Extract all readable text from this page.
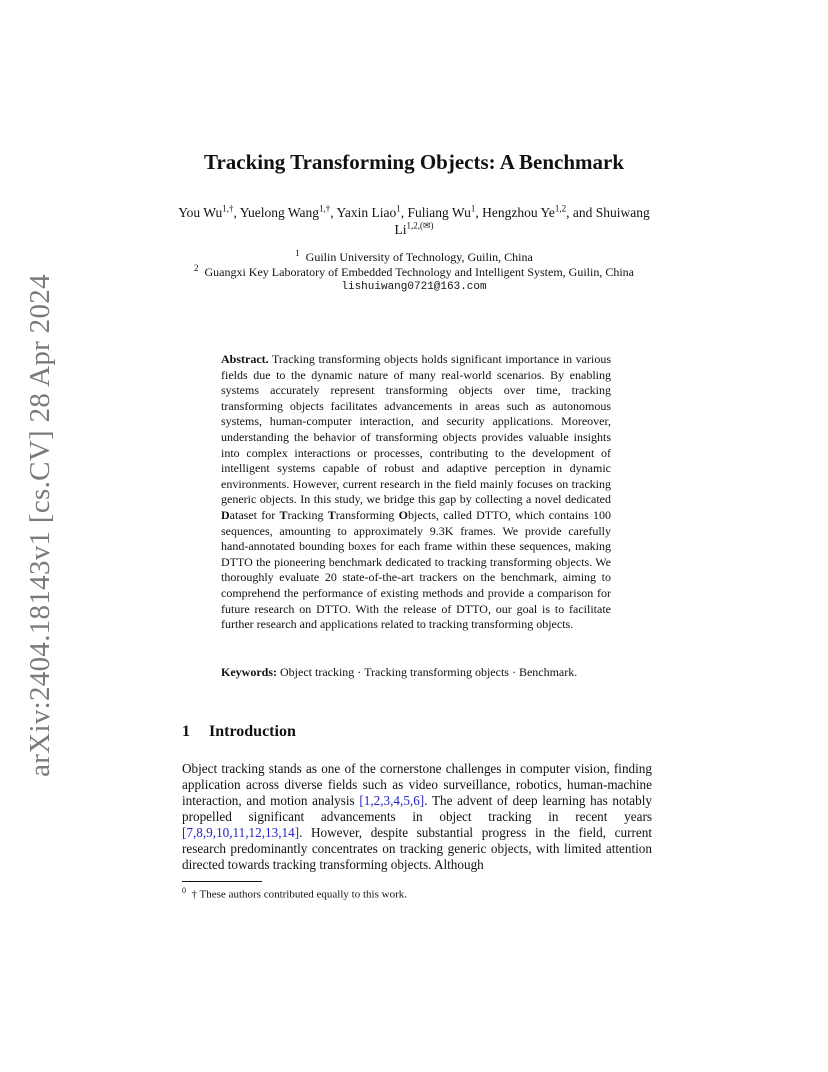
arXiv:2404.18143v1 [cs.CV] 28 Apr 2024
Tracking Transforming Objects: A Benchmark

You $Wu^{1,\dagger}$, Yuelong Wang$^{1,\dagger}$, Yaxin Liao$^1$, Fuliang Wu$^1$, Hengzhou Ye$^{1,2}$, and Shuiwang $Li^{1,2,(✉)}$

$^1$ Guilin University of Technology, Guilin, China
$^2$ Guangxi Key Laboratory of Embedded Technology and Intelligent System, Guilin, China
lishuiwang0721@163.com

Abstract. Tracking transforming objects holds significant importance in various fields due to the dynamic nature of many real-world scenarios. By enabling systems accurately represent transforming objects over time, tracking transforming objects facilitates advancements in areas such as autonomous systems, human-computer interaction, and security applications. Moreover, understanding the behavior of transforming objects provides valuable insights into complex interactions or processes, contributing to the development of intelligent systems capable of robust and adaptive perception in dynamic environments. However, current research in the field mainly focuses on tracking generic objects. In this study, we bridge this gap by collecting a novel dedicated Dataset for Tracking Transforming Objects, called DTTO, which contains 100 sequences, amounting to approximately 9.3K frames. We provide carefully hand-annotated bounding boxes for each frame within these sequences, making DTTO the pioneering benchmark dedicated to tracking transforming objects. We thoroughly evaluate 20 state-of-the-art trackers on the benchmark, aiming to comprehend the performance of existing methods and provide a comparison for future research on DTTO. With the release of DTTO, our goal is to facilitate further research and applications related to tracking transforming objects.

Keywords: Object tracking · Tracking transforming objects · Benchmark.

1 Introduction

Object tracking stands as one of the cornerstone challenges in computer vision, finding application across diverse fields such as video surveillance, robotics, human-machine interaction, and motion analysis [1,2,3,4,5,6]. The advent of deep learning has notably propelled significant advancements in object tracking in recent years [7,8,9,10,11,12,13,14]. However, despite substantial progress in the field, current research predominantly concentrates on tracking generic objects, with limited attention directed towards tracking transforming objects. Although

$^0$ † These authors contributed equally to this work.
